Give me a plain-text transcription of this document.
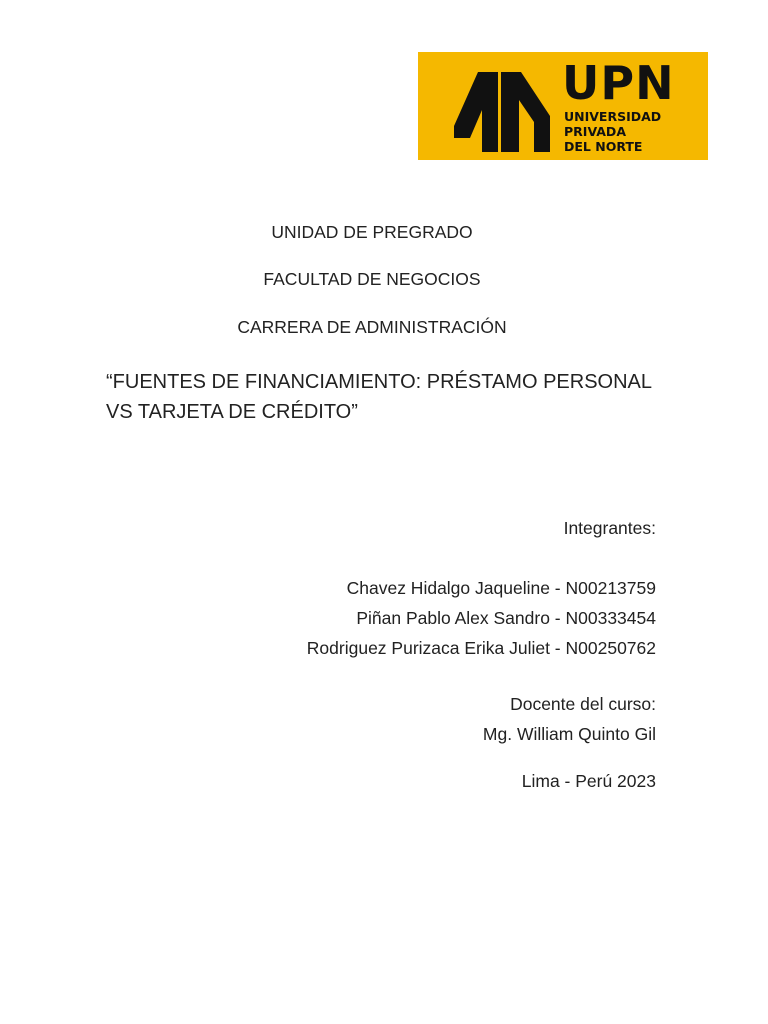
UPN
UNIVERSIDAD
PRIVADA
DEL NORTE
UNIDAD DE PREGRADO
FACULTAD DE NEGOCIOS
CARRERA DE ADMINISTRACIÓN
“FUENTES DE FINANCIAMIENTO: PRÉSTAMO PERSONAL
VS TARJETA DE CRÉDITO”
Integrantes:
Chavez Hidalgo Jaqueline - N00213759
Piñan Pablo Alex Sandro - N00333454
Rodriguez Purizaca Erika Juliet - N00250762
Docente del curso:
Mg. William Quinto Gil
Lima - Perú 2023
